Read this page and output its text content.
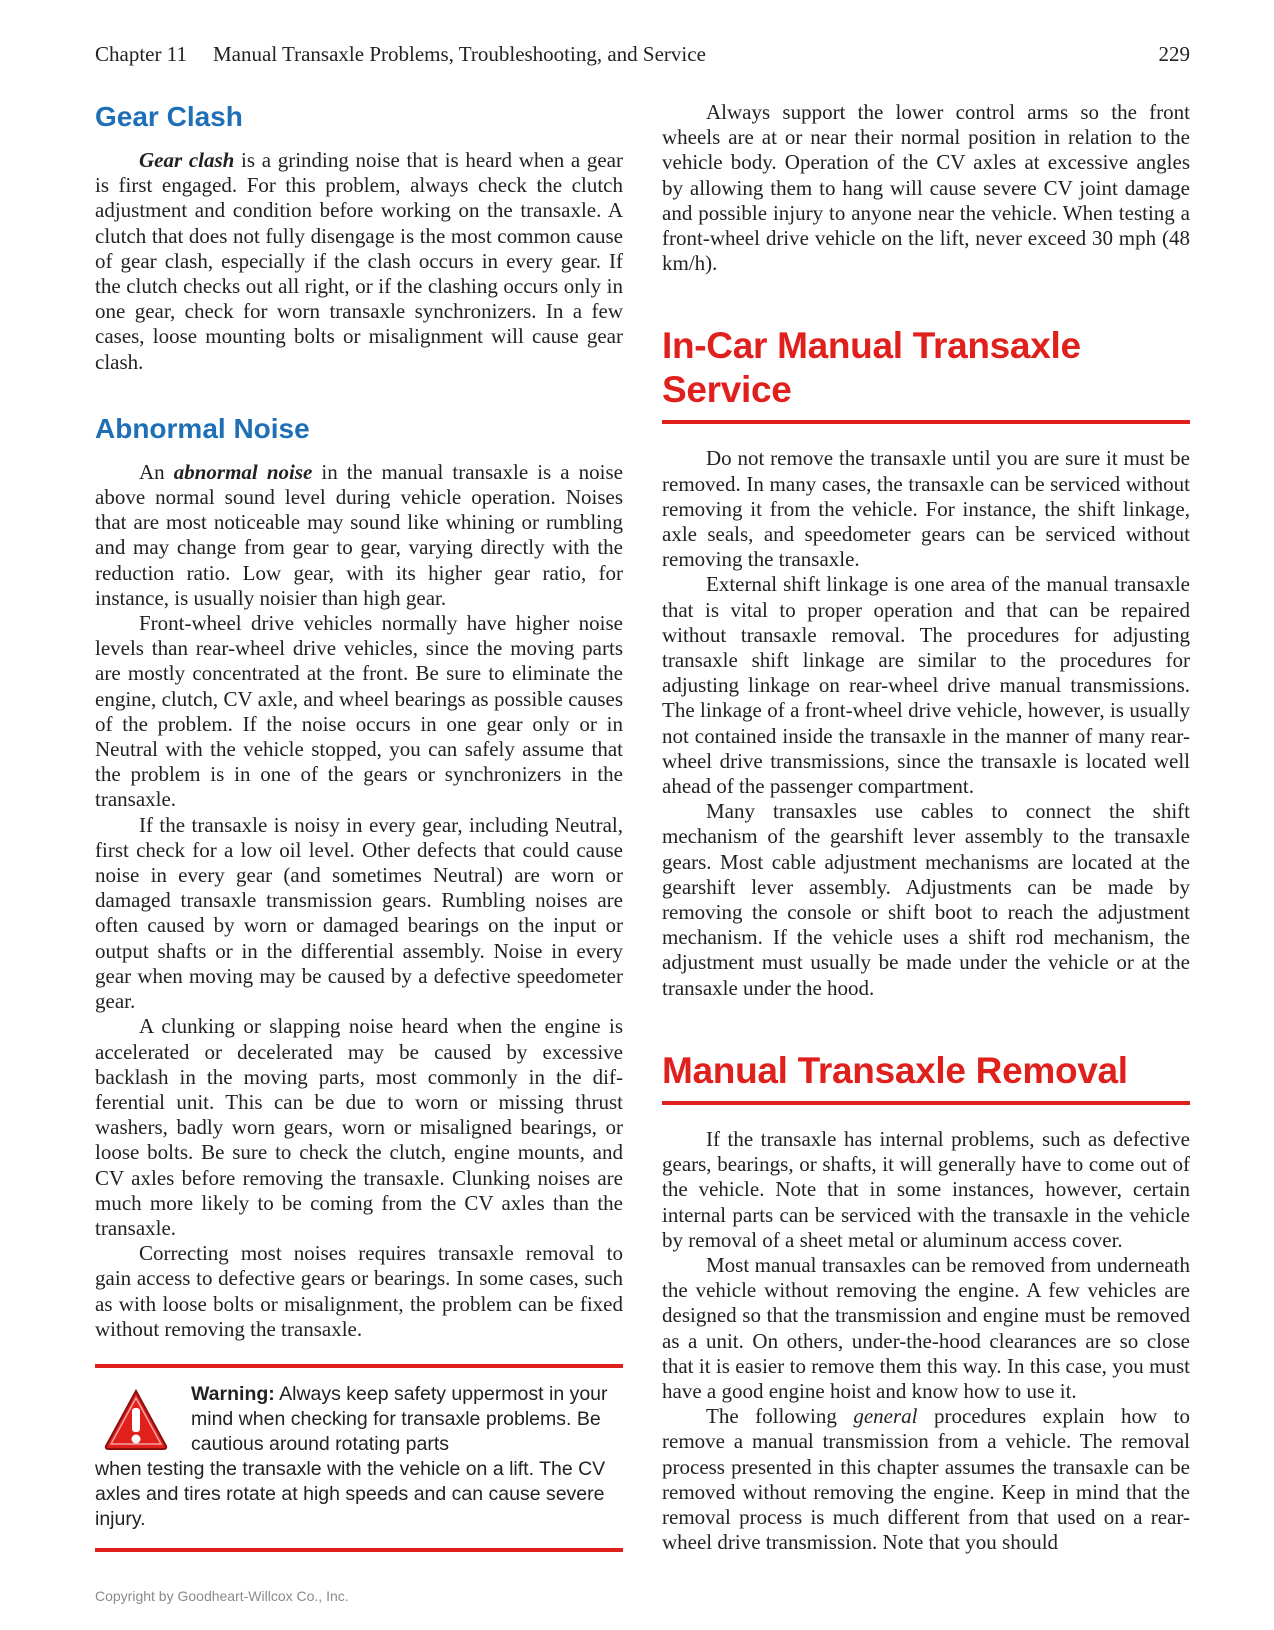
Chapter 11 Manual Transaxle Problems, Troubleshooting, and Service	229
Gear Clash

Gear clash is a grinding noise that is heard when a gear is first engaged. For this problem, always check the clutch adjustment and condition before working on the transaxle. A clutch that does not fully disengage is the most common cause of gear clash, especially if the clash occurs in every gear. If the clutch checks out all right, or if the clashing occurs only in one gear, check for worn transaxle synchronizers. In a few cases, loose mounting bolts or misalignment will cause gear clash.

Abnormal Noise

An abnormal noise in the manual transaxle is a noise above normal sound level during vehicle operation. Noises that are most noticeable may sound like whining or rumbling and may change from gear to gear, varying directly with the reduction ratio. Low gear, with its higher gear ratio, for instance, is usually noisier than high gear.

Front-wheel drive vehicles normally have higher noise levels than rear-wheel drive vehicles, since the moving parts are mostly concentrated at the front. Be sure to eliminate the engine, clutch, CV axle, and wheel bearings as possible causes of the problem. If the noise occurs in one gear only or in Neutral with the vehicle stopped, you can safely assume that the problem is in one of the gears or synchronizers in the transaxle.

If the transaxle is noisy in every gear, including Neutral, first check for a low oil level. Other defects that could cause noise in every gear (and sometimes Neutral) are worn or damaged transaxle transmission gears. Rumbling noises are often caused by worn or damaged bearings on the input or output shafts or in the differential assembly. Noise in every gear when moving may be caused by a defective speedometer gear.

A clunking or slapping noise heard when the engine is accelerated or decelerated may be caused by excessive backlash in the moving parts, most commonly in the differential unit. This can be due to worn or missing thrust washers, badly worn gears, worn or misaligned bearings, or loose bolts. Be sure to check the clutch, engine mounts, and CV axles before removing the transaxle. Clunking noises are much more likely to be coming from the CV axles than the transaxle.

Correcting most noises requires transaxle removal to gain access to defective gears or bearings. In some cases, such as with loose bolts or misalignment, the problem can be fixed without removing the transaxle.

Warning: Always keep safety uppermost in your mind when checking for transaxle problems. Be cautious around rotating parts
when testing the transaxle with the vehicle on a lift. The CV axles and tires rotate at high speeds and can cause severe injury.

Always support the lower control arms so the front wheels are at or near their normal position in relation to the vehicle body. Operation of the CV axles at excessive angles by allowing them to hang will cause severe CV joint damage and possible injury to anyone near the vehicle. When testing a front-wheel drive vehicle on the lift, never exceed 30 mph (48 km/h).

In-Car Manual Transaxle Service

Do not remove the transaxle until you are sure it must be removed. In many cases, the transaxle can be serviced without removing it from the vehicle. For instance, the shift linkage, axle seals, and speedometer gears can be serviced without removing the transaxle.

External shift linkage is one area of the manual transaxle that is vital to proper operation and that can be repaired without transaxle removal. The procedures for adjusting transaxle shift linkage are similar to the procedures for adjusting linkage on rear-wheel drive manual transmissions. The linkage of a front-wheel drive vehicle, however, is usually not contained inside the transaxle in the manner of many rear-wheel drive transmissions, since the transaxle is located well ahead of the passenger compartment.

Many transaxles use cables to connect the shift mechanism of the gearshift lever assembly to the transaxle gears. Most cable adjustment mechanisms are located at the gearshift lever assembly. Adjustments can be made by removing the console or shift boot to reach the adjustment mechanism. If the vehicle uses a shift rod mechanism, the adjustment must usually be made under the vehicle or at the transaxle under the hood.

Manual Transaxle Removal

If the transaxle has internal problems, such as defective gears, bearings, or shafts, it will generally have to come out of the vehicle. Note that in some instances, however, certain internal parts can be serviced with the transaxle in the vehicle by removal of a sheet metal or aluminum access cover.

Most manual transaxles can be removed from underneath the vehicle without removing the engine. A few vehicles are designed so that the transmission and engine must be removed as a unit. On others, under-the-hood clearances are so close that it is easier to remove them this way. In this case, you must have a good engine hoist and know how to use it.

The following general procedures explain how to remove a manual transmission from a vehicle. The removal process presented in this chapter assumes the transaxle can be removed without removing the engine. Keep in mind that the removal process is much different from that used on a rear-wheel drive transmission. Note that you should

Copyright by Goodheart-Willcox Co., Inc.
